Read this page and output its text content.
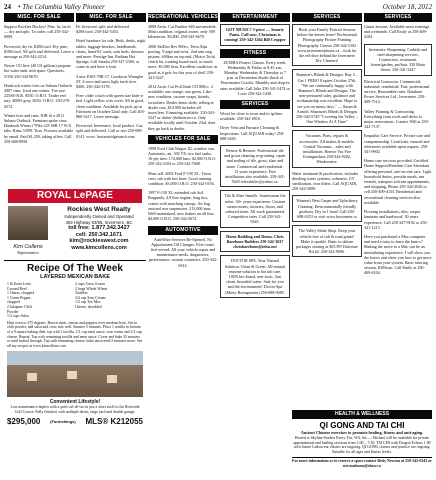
24 • The Columbia Valley Pioneer	October 18, 2012
MISC. FOR SALE
Support Rockies Hockey! Pine, fir, larch — dry and split. To order, call 250-342-6908.
Firewood, dry fir. $200/cord. Dry pine, $180/cord. All split and delivered. Leave a message at 250-342-2214.
Newer 151 litre (40 US gallons) propane hot water tank with spare. Questions, 5/350 250-342-8670.
Hardcock winter tires on Subaru Outback 2007 rims. Used one winter. Tire size 225/60 R16. $550. O.B.O. Tinder reef tray, 40005 grey, $250, O.B.O. 250-270-0274.
Winter tires and rims. NIB fit a 2011 Subaru Outback. Premium spoke rims. Hankook Winter i*Pike 225 60R 17 W.X. tubs. Rims 5/099. Tires. Pictures available by email. Paid $1,350, taking offers. Call 250-688-8050.
MISC. FOR SALE
Fir firewood, split and delivered $200/cord. 250-342-5433.
Hotel furniture for sale. Beds, desks, night tables, luggage benches, headboards, chairs, head/AC units, sofa beds, dressers and more. Prestige Inn, Radium Hot Springs. Call Sandra 250-347-2300, or come in and have a look.
4 new P265-70R-17, Goodyear Wrangler ST. 4 rows and snow light truck tires. $400. 250-342-3178.
Free: older couch with queen size hide-a-bed. Light yellow sofa cover. All in good, clean condition. Available for pick up in Fairmont on October 22nd only. Call 403-860-5417. Leave message.
Firewood: Invermere, local product. Cut, split and delivered. Call or text 250-688-0141. www. horizontidgeranch.com
ROYAL LePAGE
Kim Collens
Representative
Rockies West Realty
Independently Owned and Operated
492 Highway 93/95, Invermere, BC
toll free: 1.877.342.3427
cell: 250.342.1671
kim@rockieswest.com
www.kimcollens.com
Recipe Of The Week
LAYERED MEXICAN BAKE
1 lb Extra Lean Ground Beef
1 Onion, chopped
1 Green Pepper, chopped
2 Jalapeno Chili Powder
1/2 cups Salsa
2 cups Corn, frozen
2 large Whole Wheat Tortillas
3/4 cup Sour Cream
1/2 cup Tex Mex Cheese, shredded
Heat oven to 375 degrees. Brown meat, onions and peppers over medium heat. Stir in chili powder, add salsa and corn; mix well. Simmer 5 minutes. Place 1 tortilla in bottom of a 9 square baking dish; top with 1 tortilla, 1/2 cup meat sauce, sour cream and 1/4 cup cheese. Repeat. Top with remaining tortilla and meat sauce. Cover and bake 25 minutes or until heated through. Top with remaining cheese; bake uncovered 5 minutes more. See all my recipes at www.kimcollens.com
Convenient Lifestyle!
Low maintenance duplex with a quiet cul-de-sac in just a short stroll to the Riverside Golf Course. Fully finished, with multiple decks, large yard and double garage.
$295,000 (Furnishings) MLS® K212055
RECREATIONAL VEHICLES
2008 Arctic Cat Panther 640 snowmobile. Mint condition, original owner, only 509 kilometres. $3,800. 250-345-6670.
2006 SkiDoo Rev 800cc, Terra Alps porting, Y-pipe and twist, 2nd arm ring pistons, 600km on top end, (Motor Tech) clutch kit, training board mod, so much more. $5,000 firm. Excellent condition, as good as it gets for this year of sled! 250-341-5247.
2012 Arctic Cat ProClimb 153 800cc. 2 available; one orange, one green. Like-new condition, custom wraps, boards, scratchers. Dealer demo sleds, selling at dealer cost, $10,900 includes all taxes/fees. Financing available. 250-341-5247 or dealer (theInterior.ca. Only available locally until October 23rd, then they go back to dealer.
VEHICLES FOR SALE
1998 Ford Club Wagon XL window van. Automatic, air, 302 V8, two fuel tanks, 16-ply tires. 174,000 kms. $2,000 O.B.O. 250-342-2104 or 250-342-7608.
Must sell: 2002 Ford F-150 XL. Teton crew cab with box liner. Good running condition. $3,000 O.B.O. 250-342-0194.
1997 F-150 XL extended cab 4x4. Burgundy, 4.9 litre engine, long box, comes with matching canopy. Air bag assisted rear suspension. 215,000 kms. Well-maintained, new brakes on all four. $4,000 O.B.O. 250-342-5674.
AUTOMOTIVE
AutoWize Services Re-Opened. No Appointment Oil Changes. First-come, first-served. All your vehicle repair and maintenance needs, diagnostics, performance, custom cosmetics. 250-342-6614.
ENTERTAINMENT
GOT MUSIC? 3-piece — Smarty Pants. Call now, Christmas is coming! 250-342-3264 Bill Cropper
FITNESS
ZUMBA Fitness Classes. Every week, Wednesday & Friday at 9:45 a.m. Monday, Wednesday & Thursday at 7 p.m. at Devaterian Studio (back of Peacemaker Goods). Monthly and drop-in rates available. Call Jolie 250-341-5474 or Lorie 250-342-1438.
SERVICES
Wood for close to town and/or splitter available. 250-342-6916.
Dryer Vent and Furnace Cleaning & Inspections. Call AQUAIR today! 250-688-3265.
Renew & Restore. Professional tile and grout cleaning re-grouting, repair and sealing of tile, grout, slate and stone. Commercial and residential. 13 years experience. Free installations also available. 250-341-5645 refreshtiles@yahoo.ca.
Tile & Slate Installs. Journeyman tile setter. 30+ years experience. Custom steam rooms, showers, floors, and cultured stone. All work guaranteed. Competitive rates. Call 250-341-5645.
Home Building and Renos. Chris Barebone Builders 250-342-3637 chrisbarebone@telus.net
DOCTOR SPA. Your Natural Solution. Clean & Green. All-natural enzyme solution to hot tub care. 100% bio-based, non-toxic. Just clean, beautiful water. Safe for you and the environment! Doctor Spa (Marty Breingestein) 250-688-0085.
SERVICES
Book your Family Portrait Session before the leaves leave! Professional Photography Picture Framing Photography Classes 250-342-5102 www.invermerephotos.ca ...look for the red door behind the Invermere Dry Cleaners!
Shannon's Blinds & Designs. Buy 3 – Get 1 FREE! Expires October 27th. "We are continually happy with Shannon's Blinds and Designs. The non-pressured sales, guidance and workmanship was excellent. Hope to see you on sunny days." — Susan & Arnold. Shannon's Blinds & Designs 250-342-5749 "Covering the Valley – One Window At A Time"
Vacuums. Parts, repairs & accessories. All makes & models. Central Vacuums – sales and installations. Beaver Vac Fire Extinguishers 250-342-9202, Windermere.
Water treatment & purification, includes drinking water systems, softeners, UV sterilization, iron filters. Call AQUAIR, 250-342-5089.
Women's Best Carpet and Upholstery Cleaning. Environmentally friendly products. Dry in 1 hour! Call 250-688-0253 or visit www.bowomen.ca
The Valley Shine Shop. Keep your vehicle free of salt & road grime! Make it sparkle. Basic to deluxe packages starting at $55.99! Dufresne Rd #2. 250-342-9696.
SERVICES
Guitar lessons. Available most evenings and weekends. Call Emily at 250-409-4104.
Invermere Sharpening. Carbide and steel sharpening services. Contractors, restaurant, home/garden, pet/hair. 330 Main Street. 250-341-5447
Electrical Contractor. Commercial, industrial, residential. Fast, professional service. Reasonable rates. Database Power Services Ltd., Invermere. 250-409-7514.
Valley Framing & Contracting. Everything from roofs and decks to major renovations. Contact Will at 250-342-7137.
Empathic Care Service. Private care and companionship. Certificate, insured and references available upon request. 250-341-9902.
Home care services provided. Certified Home Support/Resident Care Attendant offering personal, one-on-one care. Light household duties, provide meals, run errands, transport to/from appointments, and shopping. Phone 250-342-2626 or cell 250-409-4135. Residential and recreational cleaning services also available.
Flooring installations, tiles, carpet, laminate and hardwood. 30 years experience. Call 250-347-9192 or 250-341-1215.
Have you purchased a Max computer and need a tutor to learn the basics? Making the move to a Mac can be an intimidating experience. I will show you the basics and show you how to get more value from your system. Basic tutoring session, $30/hour. Call Emily at 250-409-4104.
HEALTH & WELLNESS
QI GONG AND TAI CHI
Ancient Chinese exercises to promote healing, fitness and anti-aging.
Hosted at Skyline Studios Every Tue, Wd, Sat — Michael will be available for private appointments and healing sessions from 1:00 – 7:30. TAI CHI with Dragon Echoes 1:00 with Janice Ladouceur classes are ongoing. QI GONG classes and practice are ongoing. Suitable for all ages and fitness levels.
For more information or to reserve a space contact Betty Newton at 250-342-6343 or newtonhome@shaw.ca
